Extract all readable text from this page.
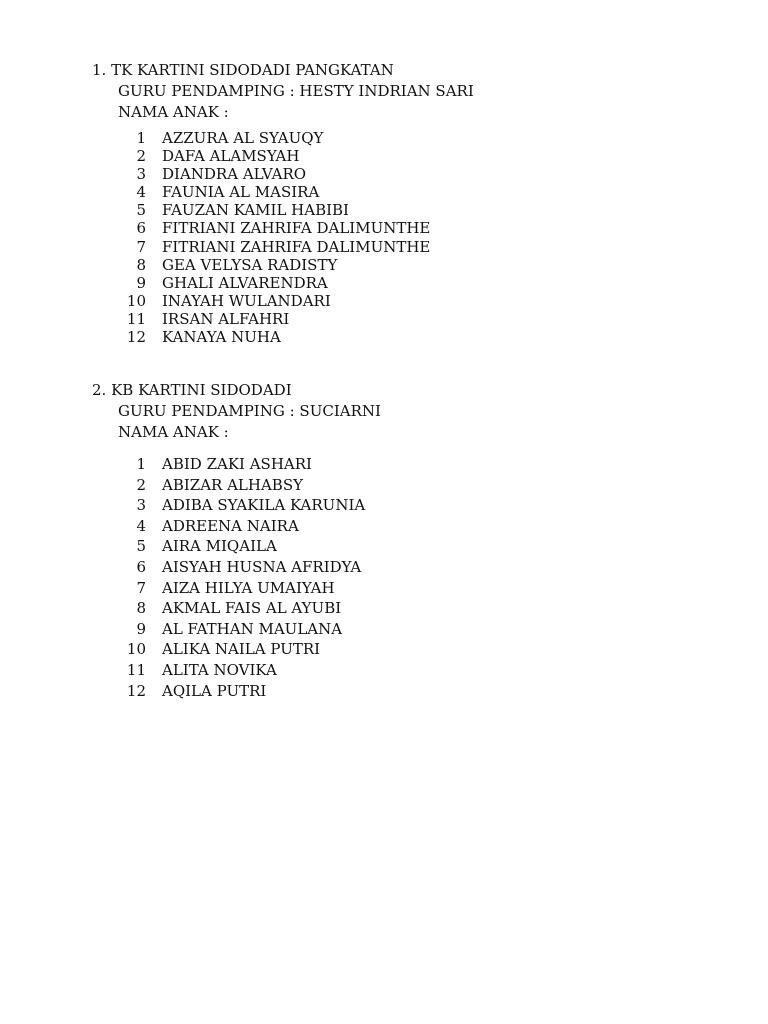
1. TK KARTINI SIDODADI PANGKATAN
GURU PENDAMPING : HESTY INDRIAN SARI
NAMA ANAK :
1	AZZURA AL SYAUQY
2	DAFA ALAMSYAH
3	DIANDRA ALVARO
4	FAUNIA AL MASIRA
5	FAUZAN KAMIL HABIBI
6	FITRIANI ZAHRIFA DALIMUNTHE
7	FITRIANI ZAHRIFA DALIMUNTHE
8	GEA VELYSA RADISTY
9	GHALI ALVARENDRA
10	INAYAH WULANDARI
11	IRSAN ALFAHRI
12	KANAYA NUHA
2. KB KARTINI SIDODADI
GURU PENDAMPING : SUCIARNI
NAMA ANAK :
1	ABID ZAKI ASHARI
2	ABIZAR ALHABSY
3	ADIBA SYAKILA KARUNIA
4	ADREENA NAIRA
5	AIRA MIQAILA
6	AISYAH HUSNA AFRIDYA
7	AIZA HILYA UMAIYAH
8	AKMAL FAIS AL AYUBI
9	AL FATHAN MAULANA
10	ALIKA NAILA PUTRI
11	ALITA NOVIKA
12	AQILA PUTRI
